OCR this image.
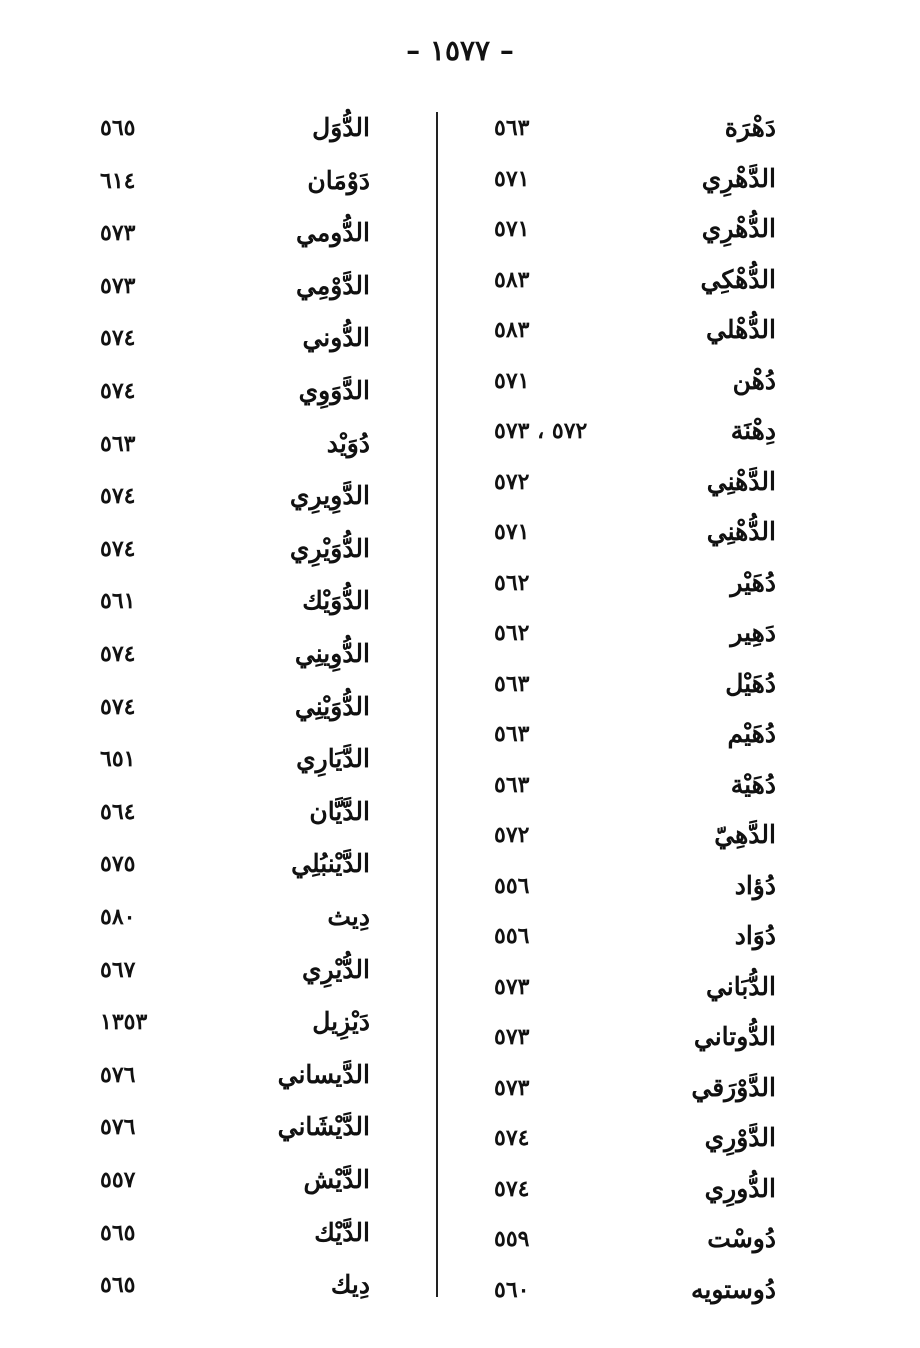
– ١٥٧٧ –
دَهْرَة
٥٦٣
الدَّهْرِي
٥٧١
الدُّهْرِي
٥٧١
الدُّهْكِي
٥٨٣
الدُّهْلي
٥٨٣
دُهْن
٥٧١
دِهْنَة
٥٧٢ ، ٥٧٣
الدَّهْنِي
٥٧٢
الدُّهْنِي
٥٧١
دُهَيْر
٥٦٢
دَهِير
٥٦٢
دُهَيْل
٥٦٣
دُهَيْم
٥٦٣
دُهَيْة
٥٦٣
الدَّهِيّ
٥٧٢
دُؤاد
٥٥٦
دُوَاد
٥٥٦
الدُّبَاني
٥٧٣
الدُّوتاني
٥٧٣
الدَّوْرَقي
٥٧٣
الدَّوْرِي
٥٧٤
الدُّورِي
٥٧٤
دُوسْت
٥٥٩
دُوستويه
٥٦٠
الدُّوَل
٥٦٥
دَوْمَان
٦١٤
الدُّومي
٥٧٣
الدَّوْمِي
٥٧٣
الدُّوني
٥٧٤
الدَّوَوِي
٥٧٤
دُوَيْد
٥٦٣
الدَّوِيرِي
٥٧٤
الدُّوَيْرِي
٥٧٤
الدُّوَيْك
٥٦١
الدُّوِينِي
٥٧٤
الدُّوَيْنِي
٥٧٤
الدَّيَارِي
٦٥١
الدَّيَّان
٥٦٤
الدَّيْنبُلِي
٥٧٥
دِيث
٥٨٠
الدُّيْرِي
٥٦٧
دَيْزِيل
١٣٥٣
الدَّيساني
٥٧٦
الدَّيْشَاني
٥٧٦
الدَّيْش
٥٥٧
الدَّيْك
٥٦٥
دِيك
٥٦٥
